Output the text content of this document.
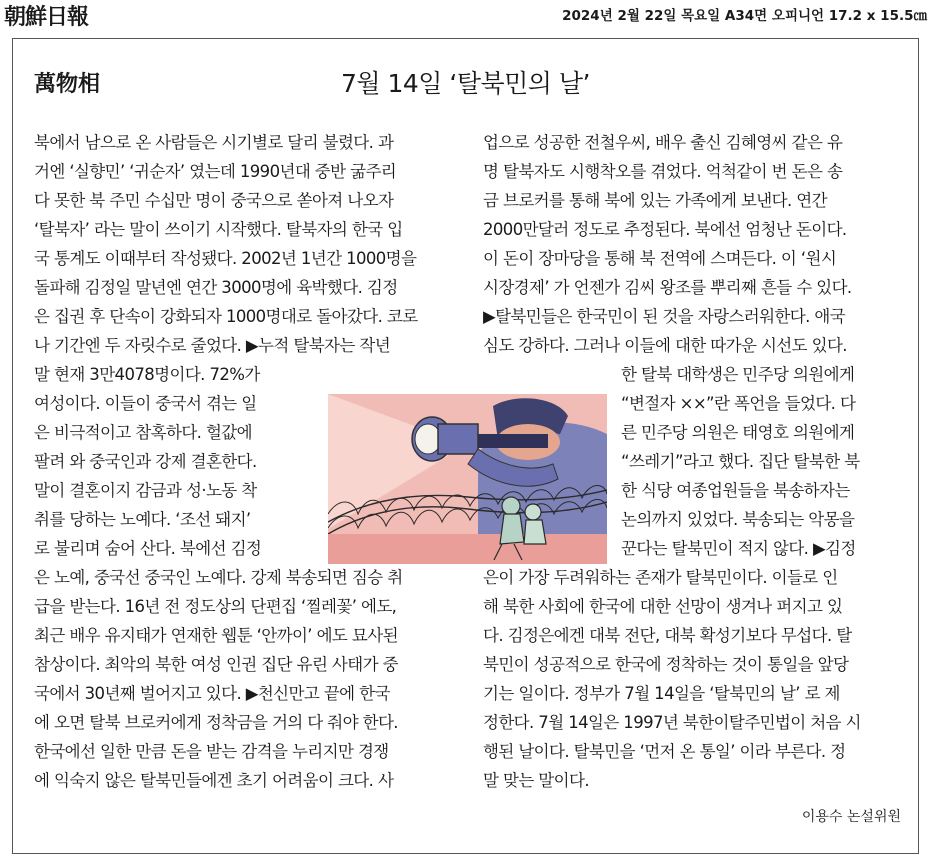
朝鮮日報	2024년 2월 22일 목요일 A34면 오피니언 17.2 x 15.5㎝
萬物相	7월 14일 ‘탈북민의 날’
북에서 남으로 온 사람들은 시기별로 달리 불렸다. 과
거엔 ‘실향민’ ‘귀순자’ 였는데 1990년대 중반 굶주리
다 못한 북 주민 수십만 명이 중국으로 쏟아져 나오자
‘탈북자’ 라는 말이 쓰이기 시작했다. 탈북자의 한국 입
국 통계도 이때부터 작성됐다. 2002년 1년간 1000명을
돌파해 김정일 말년엔 연간 3000명에 육박했다. 김정
은 집권 후 단속이 강화되자 1000명대로 돌아갔다. 코로
나 기간엔 두 자릿수로 줄었다. ▶누적 탈북자는 작년
말 현재 3만4078명이다. 72%가
여성이다. 이들이 중국서 겪는 일
은 비극적이고 참혹하다. 헐값에
팔려 와 중국인과 강제 결혼한다.
말이 결혼이지 감금과 성·노동 착
취를 당하는 노예다. ‘조선 돼지’
로 불리며 숨어 산다. 북에선 김정
은 노예, 중국선 중국인 노예다. 강제 북송되면 짐승 취
급을 받는다. 16년 전 정도상의 단편집 ‘찔레꽃’ 에도,
최근 배우 유지태가 연재한 웹툰 ‘안까이’ 에도 묘사된
참상이다. 최악의 북한 여성 인권 집단 유린 사태가 중
국에서 30년째 벌어지고 있다. ▶천신만고 끝에 한국
에 오면 탈북 브로커에게 정착금을 거의 다 줘야 한다.
한국에선 일한 만큼 돈을 받는 감격을 누리지만 경쟁
에 익숙지 않은 탈북민들에겐 초기 어려움이 크다. 사
업으로 성공한 전철우씨, 배우 출신 김혜영씨 같은 유
명 탈북자도 시행착오를 겪었다. 억척같이 번 돈은 송
금 브로커를 통해 북에 있는 가족에게 보낸다. 연간
2000만달러 정도로 추정된다. 북에선 엄청난 돈이다.
이 돈이 장마당을 통해 북 전역에 스며든다. 이 ‘원시
시장경제’ 가 언젠가 김씨 왕조를 뿌리째 흔들 수 있다.
▶탈북민들은 한국민이 된 것을 자랑스러워한다. 애국
심도 강하다. 그러나 이들에 대한 따가운 시선도 있다.
한 탈북 대학생은 민주당 의원에게
“변절자 ××”란 폭언을 들었다. 다
른 민주당 의원은 태영호 의원에게
“쓰레기”라고 했다. 집단 탈북한 북
한 식당 여종업원들을 북송하자는
논의까지 있었다. 북송되는 악몽을
꾼다는 탈북민이 적지 않다. ▶김정
은이 가장 두려워하는 존재가 탈북민이다. 이들로 인
해 북한 사회에 한국에 대한 선망이 생겨나 퍼지고 있
다. 김정은에겐 대북 전단, 대북 확성기보다 무섭다. 탈
북민이 성공적으로 한국에 정착하는 것이 통일을 앞당
기는 일이다. 정부가 7월 14일을 ‘탈북민의 날’ 로 제
정한다. 7월 14일은 1997년 북한이탈주민법이 처음 시
행된 날이다. 탈북민을 ‘먼저 온 통일’ 이라 부른다. 정
말 맞는 말이다.
이용수 논설위원
